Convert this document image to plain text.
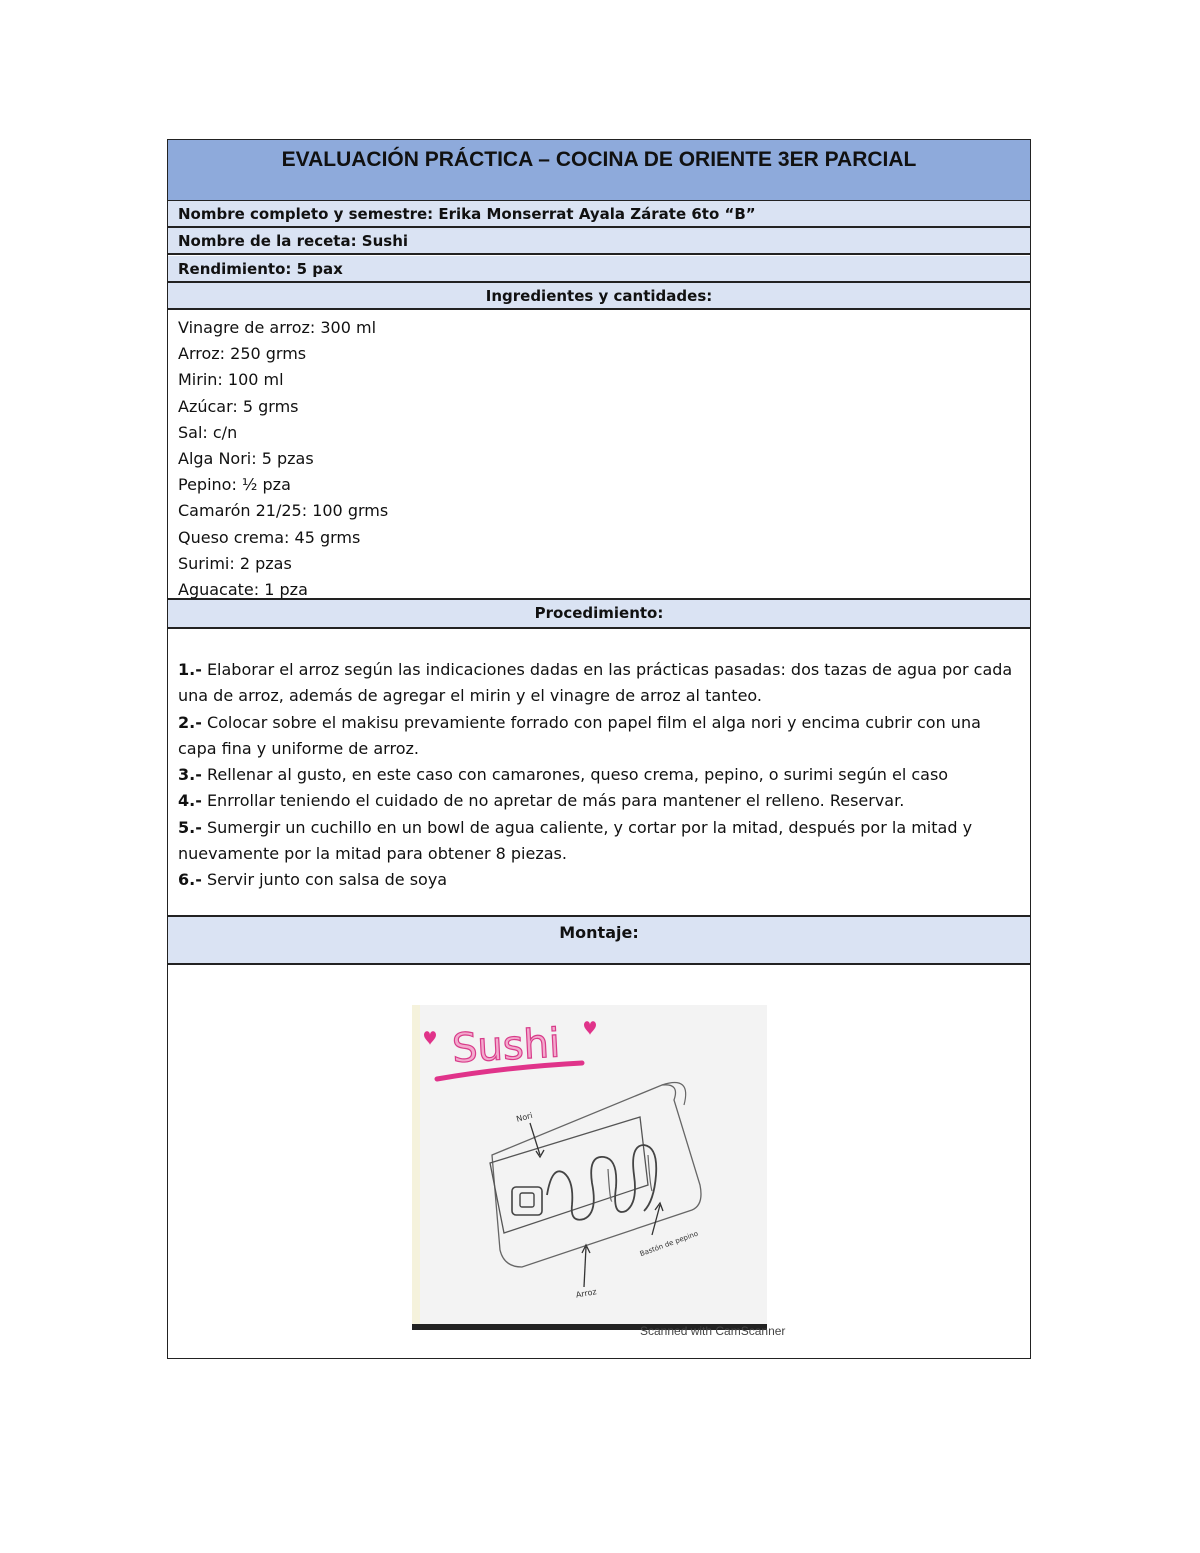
EVALUACIÓN PRÁCTICA – COCINA DE ORIENTE 3ER PARCIAL
Nombre completo y semestre: Erika Monserrat Ayala Zárate 6to “B”
Nombre de la receta: Sushi
Rendimiento: 5 pax
Ingredientes y cantidades:
Vinagre de arroz: 300 ml
Arroz: 250 grms
Mirin: 100 ml
Azúcar: 5 grms
Sal: c/n
Alga Nori: 5 pzas
Pepino: ½ pza
Camarón 21/25: 100 grms
Queso crema: 45 grms
Surimi: 2 pzas
Aguacate: 1 pza
Procedimiento:
1.- Elaborar el arroz según las indicaciones dadas en las prácticas pasadas: dos tazas de agua por cada una de arroz, además de agregar el mirin y el vinagre de arroz al tanteo.
2.- Colocar sobre el makisu prevamiente forrado con papel film el alga nori y encima cubrir con una capa fina y uniforme de arroz.
3.- Rellenar al gusto, en este caso con camarones, queso crema, pepino, o surimi según el caso
4.- Enrrollar teniendo el cuidado de no apretar de más para mantener el relleno. Reservar.
5.- Sumergir un cuchillo en un bowl de agua caliente, y cortar por la mitad, después por la mitad y nuevamente por la mitad para obtener 8 piezas.
6.- Servir junto con salsa de soya
Montaje:
Sushi
Nori
Arroz
Bastón de pepino
Scanned with CamScanner
